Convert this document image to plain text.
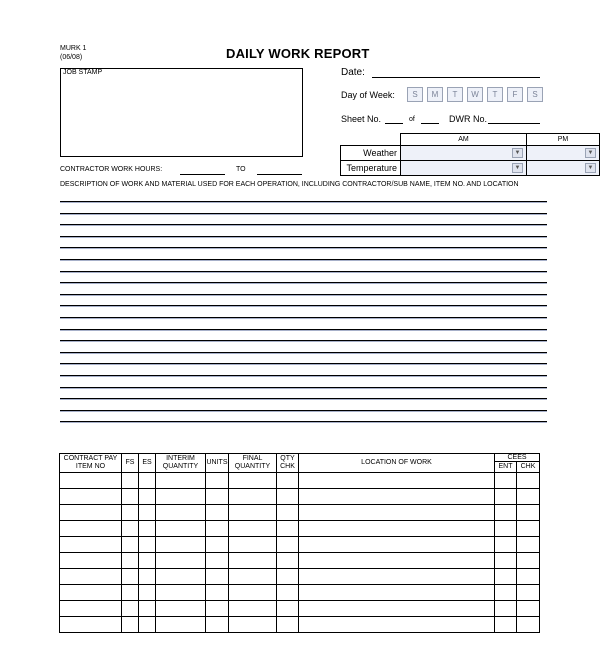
MURK 1
(06/08)	DAILY WORK REPORT
JOB STAMP	Date:
Day of Week:	S	M	T	W	T	F	S
Sheet No.	of	DWR No.
	AM	PM
Weather	▼	▼

Temperature	▼	▼
CONTRACTOR WORK HOURS:	TO
DESCRIPTION OF WORK AND MATERIAL USED FOR EACH OPERATION, INCLUDING CONTRACTOR/SUB NAME, ITEM NO. AND LOCATION
CONTRACT PAY ITEM NO	FS	ES	INTERIM QUANTITY	UNITS	FINAL QUANTITY	QTY CHK	LOCATION OF WORK	CEES	
								ENT	CHK
